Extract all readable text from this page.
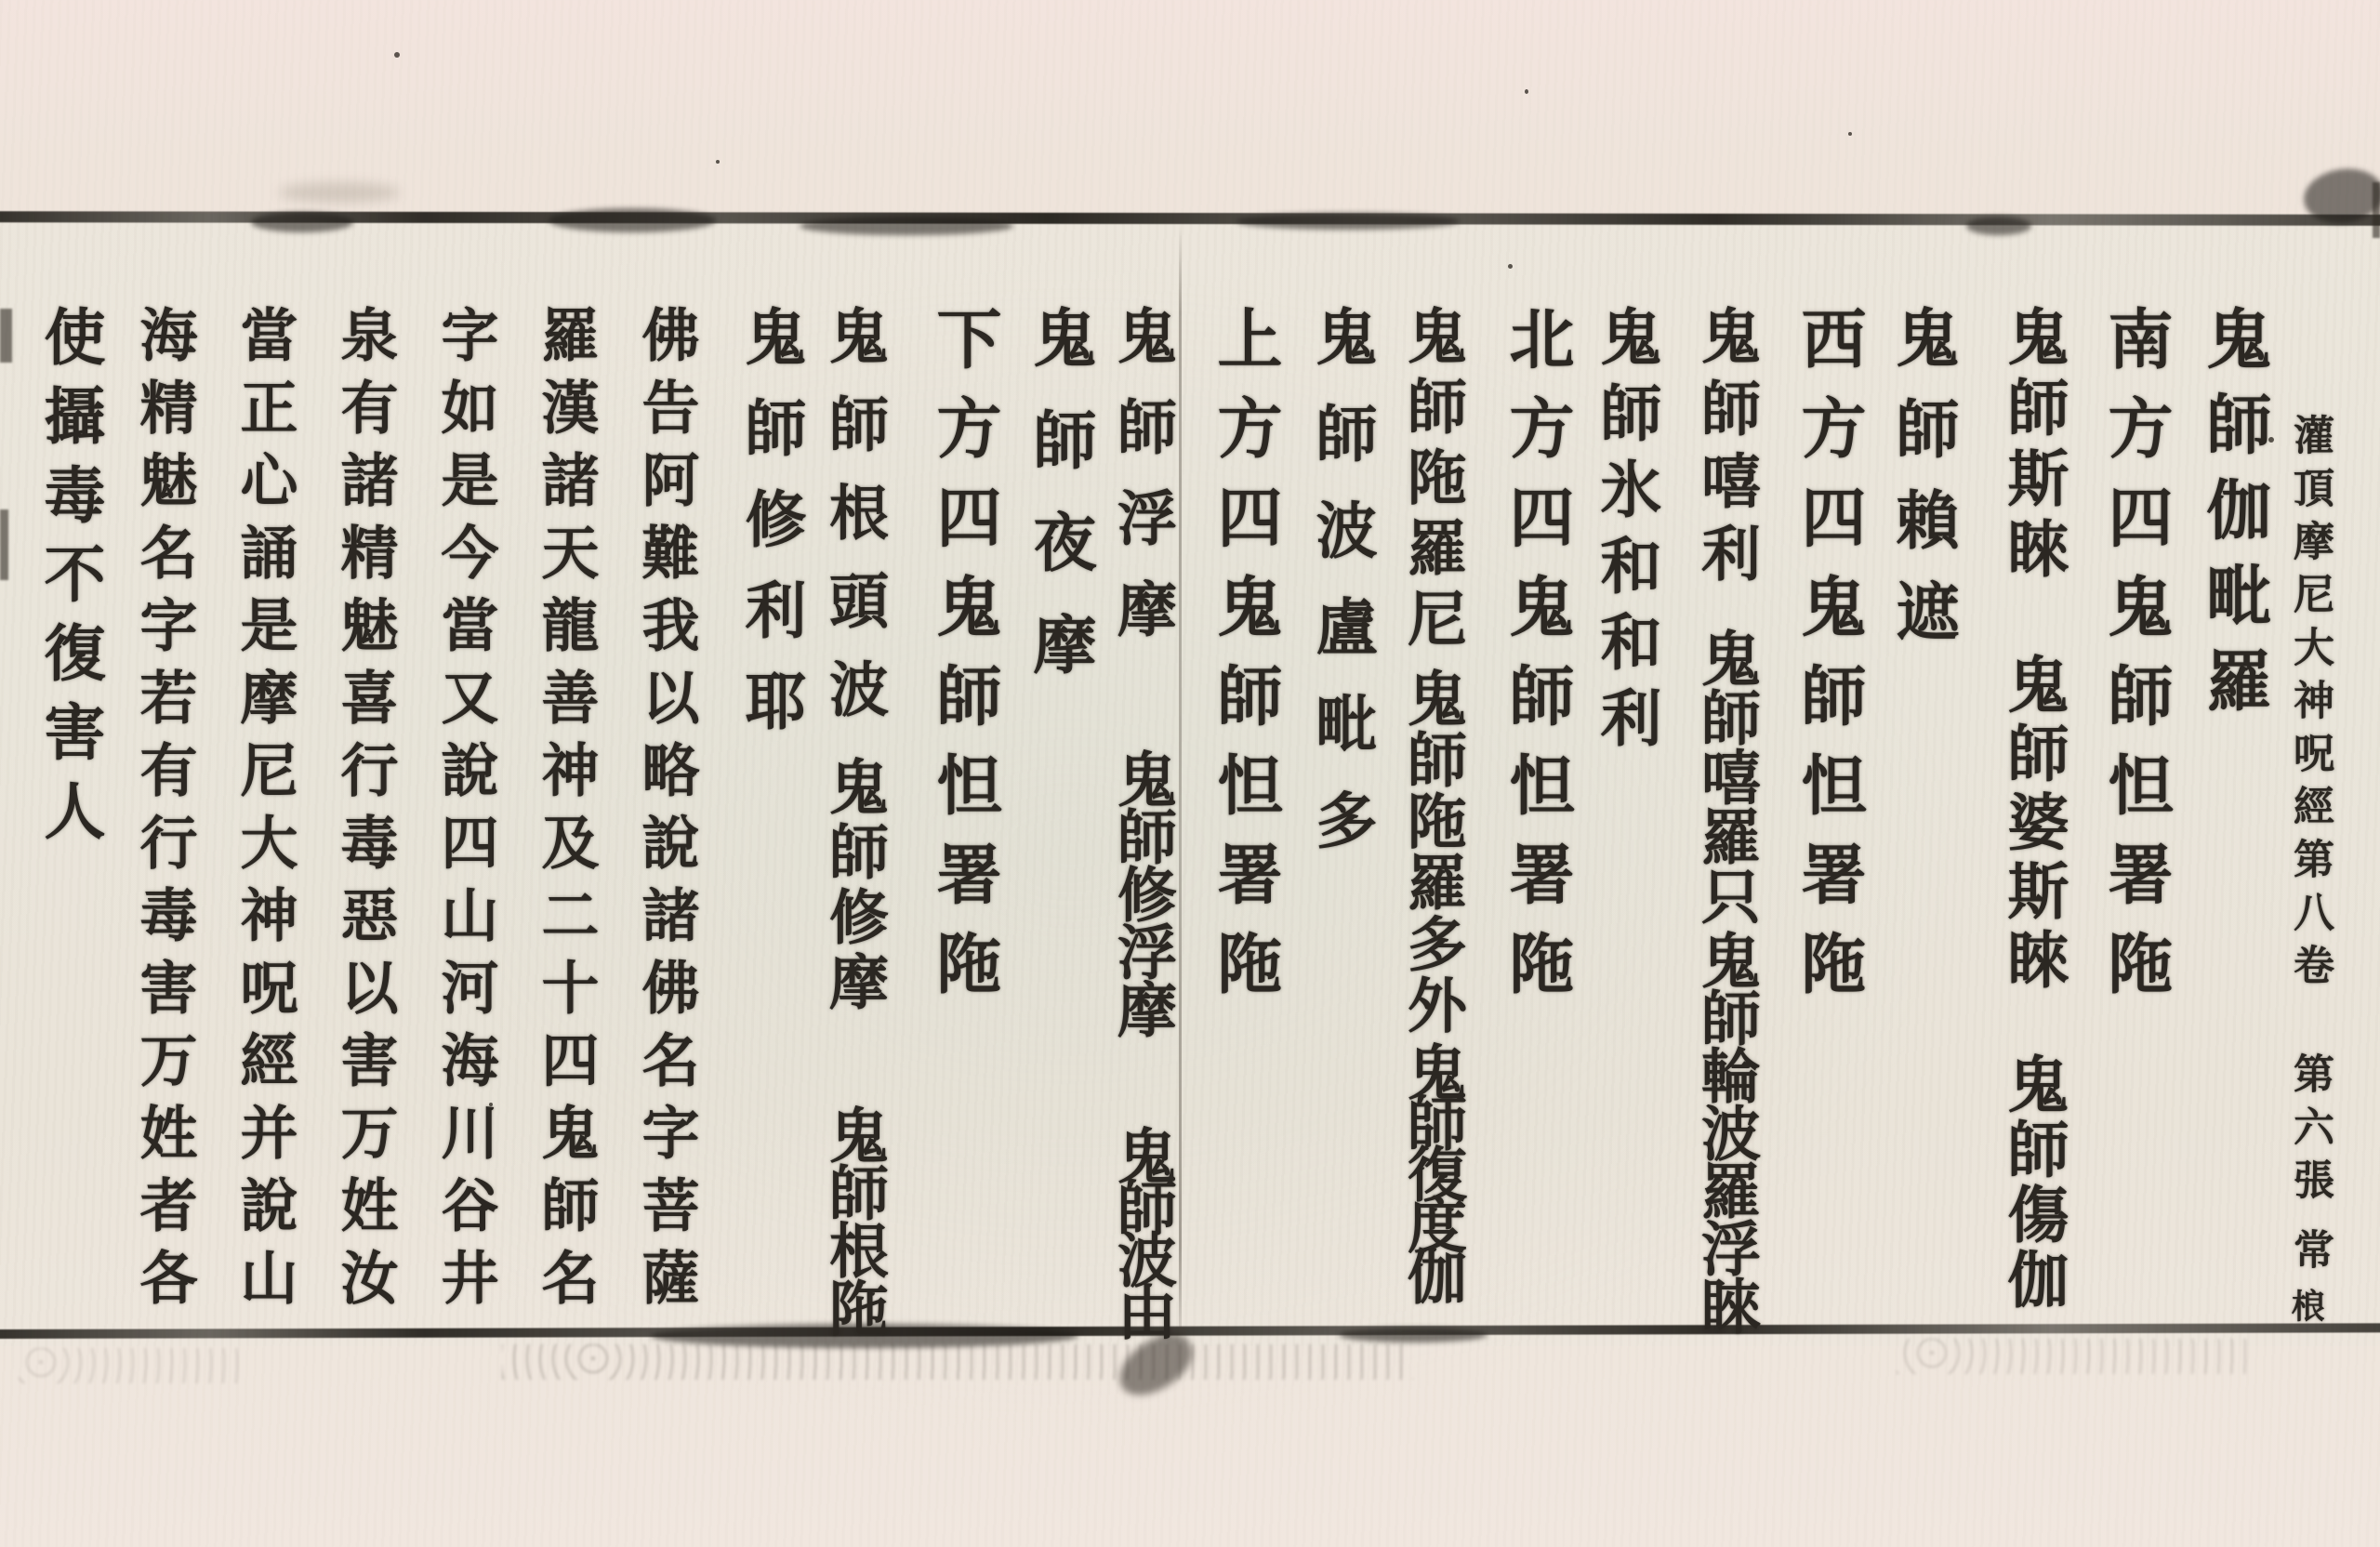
灌頂摩尼大神呪經第八卷
第六張
常
桹
鬼師伽毗羅
南方四鬼師怛署陁
鬼師斯睞
鬼師婆斯睞
鬼師傷伽
鬼師賴遮
西方四鬼師怛署陁
鬼師嘻利
鬼師嘻羅只
鬼師輪波羅浮睞
鬼師氷和和利
北方四鬼師怛署陁
鬼師陁羅尼
鬼師陁羅多外
鬼師復度伽
鬼師波盧毗多
上方四鬼師怛署陁
鬼師浮摩
鬼師修浮摩
鬼師波由
鬼師夜摩
下方四鬼師怛署陁
鬼師根頭波
鬼師修摩
鬼師根陁
鬼師修利耶
佛告阿難我以略說諸佛名字菩薩
羅漢諸天龍善神及二十四鬼師名
字如是今當又說四山河海川谷井
泉有諸精魅喜行毒惡以害万姓汝
當正心誦是摩尼大神呪經并說山
海精魅名字若有行毒害万姓者各
使攝毒不復害人
